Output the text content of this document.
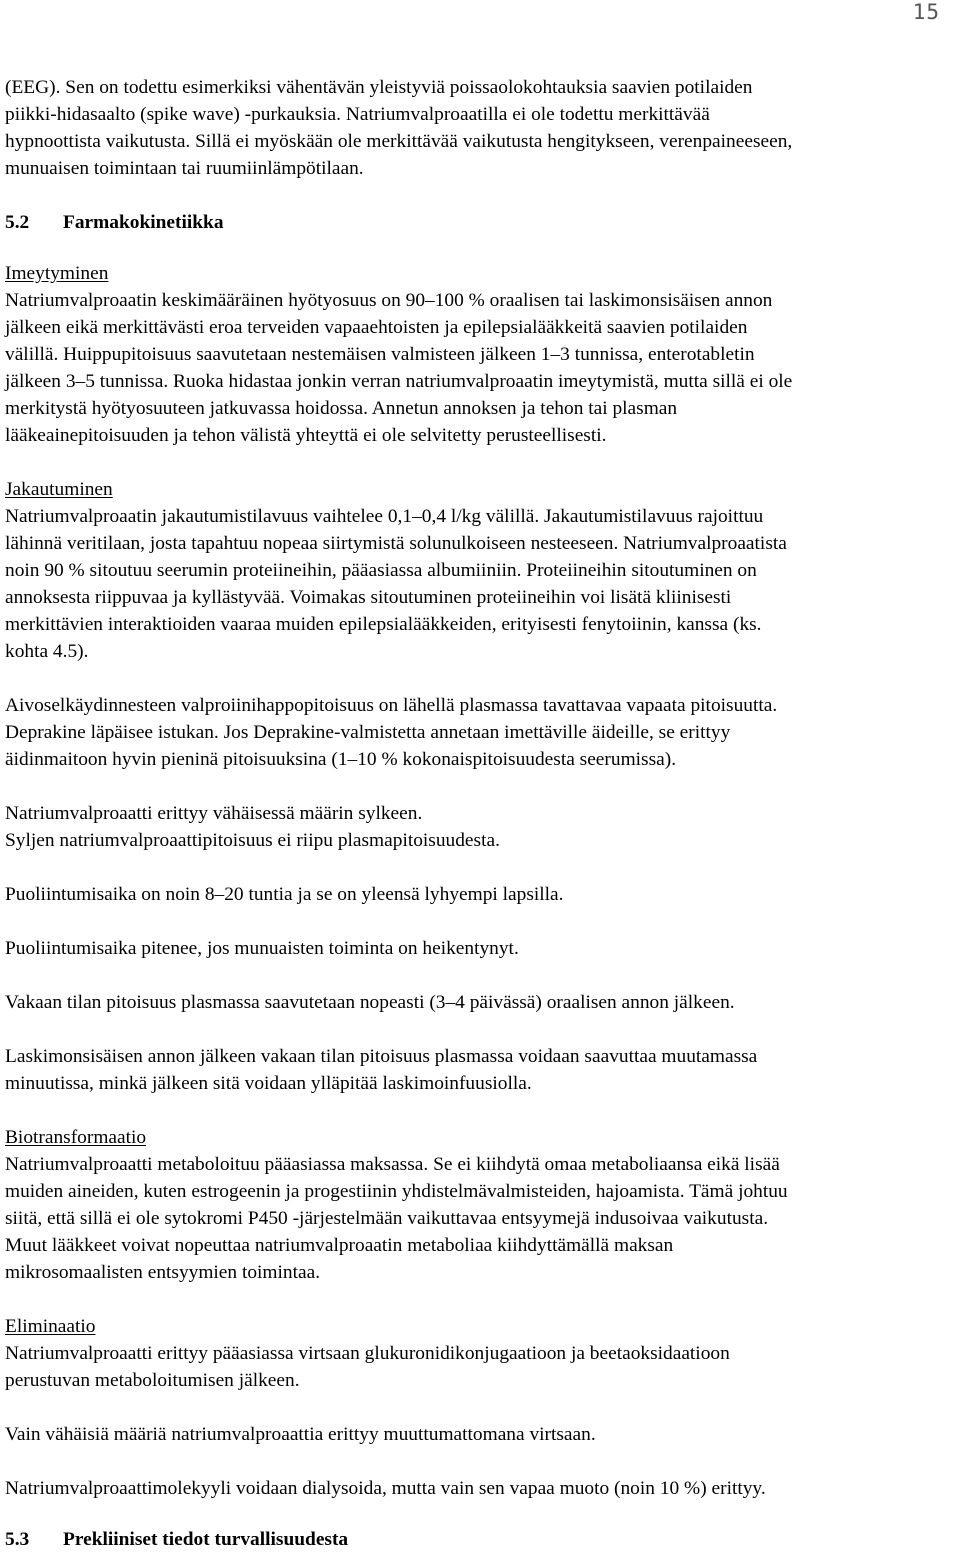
15

(EEG). Sen on todettu esimerkiksi vähentävän yleistyviä poissaolokohtauksia saavien potilaiden
piikki-hidasaalto (spike wave) -purkauksia. Natriumvalproaatilla ei ole todettu merkittävää
hypnoottista vaikutusta. Sillä ei myöskään ole merkittävää vaikutusta hengitykseen, verenpaineeseen,
munuaisen toimintaan tai ruumiinlämpötilaan.

5.2 Farmakokinetiikka

Imeytyminen
Natriumvalproaatin keskimääräinen hyötyosuus on 90–100 % oraalisen tai laskimonsisäisen annon
jälkeen eikä merkittävästi eroa terveiden vapaaehtoisten ja epilepsialääkkeitä saavien potilaiden
välillä. Huippupitoisuus saavutetaan nestemäisen valmisteen jälkeen 1–3 tunnissa, enterotabletin
jälkeen 3–5 tunnissa. Ruoka hidastaa jonkin verran natriumvalproaatin imeytymistä, mutta sillä ei ole
merkitystä hyötyosuuteen jatkuvassa hoidossa. Annetun annoksen ja tehon tai plasman
lääkeainepitoisuuden ja tehon välistä yhteyttä ei ole selvitetty perusteellisesti.

Jakautuminen
Natriumvalproaatin jakautumistilavuus vaihtelee 0,1–0,4 l/kg välillä. Jakautumistilavuus rajoittuu
lähinnä veritilaan, josta tapahtuu nopeaa siirtymistä solunulkoiseen nesteeseen. Natriumvalproaatista
noin 90 % sitoutuu seerumin proteiineihin, pääasiassa albumiiniin. Proteiineihin sitoutuminen on
annoksesta riippuvaa ja kyllästyvää. Voimakas sitoutuminen proteiineihin voi lisätä kliinisesti
merkittävien interaktioiden vaaraa muiden epilepsialääkkeiden, erityisesti fenytoiinin, kanssa (ks.
kohta 4.5).

Aivoselkäydinnesteen valproiinihappopitoisuus on lähellä plasmassa tavattavaa vapaata pitoisuutta.
Deprakine läpäisee istukan. Jos Deprakine-valmistetta annetaan imettäville äideille, se erittyy
äidinmaitoon hyvin pieninä pitoisuuksina (1–10 % kokonaispitoisuudesta seerumissa).

Natriumvalproaatti erittyy vähäisessä määrin sylkeen.
Syljen natriumvalproaattipitoisuus ei riipu plasmapitoisuudesta.

Puoliintumisaika on noin 8–20 tuntia ja se on yleensä lyhyempi lapsilla.

Puoliintumisaika pitenee, jos munuaisten toiminta on heikentynyt.

Vakaan tilan pitoisuus plasmassa saavutetaan nopeasti (3–4 päivässä) oraalisen annon jälkeen.

Laskimonsisäisen annon jälkeen vakaan tilan pitoisuus plasmassa voidaan saavuttaa muutamassa
minuutissa, minkä jälkeen sitä voidaan ylläpitää laskimoinfuusiolla.

Biotransformaatio
Natriumvalproaatti metaboloituu pääasiassa maksassa. Se ei kiihdytä omaa metaboliaansa eikä lisää
muiden aineiden, kuten estrogeenin ja progestiinin yhdistelmävalmisteiden, hajoamista. Tämä johtuu
siitä, että sillä ei ole sytokromi P450 -järjestelmään vaikuttavaa entsyymejä indusoivaa vaikutusta.
Muut lääkkeet voivat nopeuttaa natriumvalproaatin metaboliaa kiihdyttämällä maksan
mikrosomaalisten entsyymien toimintaa.

Eliminaatio
Natriumvalproaatti erittyy pääasiassa virtsaan glukuronidikonjugaatioon ja beetaoksidaatioon
perustuvan metaboloitumisen jälkeen.

Vain vähäisiä määriä natriumvalproaattia erittyy muuttumattomana virtsaan.

Natriumvalproaattimolekyyli voidaan dialysoida, mutta vain sen vapaa muoto (noin 10 %) erittyy.

5.3 Prekliiniset tiedot turvallisuudesta
